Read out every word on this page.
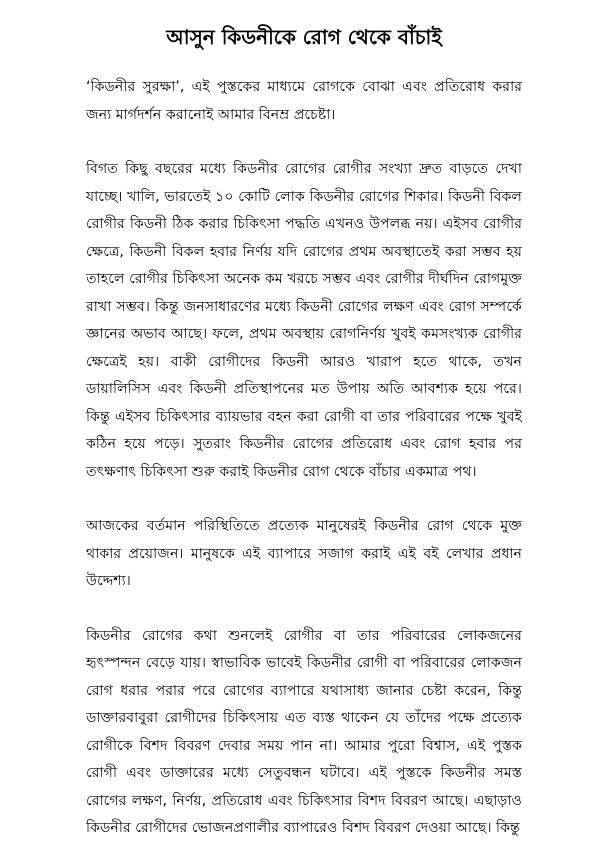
আসুন কিডনীকে রোগ থেকে বাঁচাই

‘কিডনীর সুরক্ষা’, এই পুস্তকের মাধ্যমে রোগকে বোঝা এবং প্রতিরোধ করার জন্য মার্গদর্শন করানোই আমার বিনম্র প্রচেষ্টা।

বিগত কিছু বছরের মধ্যে কিডনীর রোগের রোগীর সংখ্যা দ্রুত বাড়তে দেখা যাচ্ছে। খালি, ভারতেই ১০ কোটি লোক কিডনীর রোগের শিকার। কিডনী বিকল রোগীর কিডনী ঠিক করার চিকিৎসা পদ্ধতি এখনও উপলব্ধ নয়। এইসব রোগীর ক্ষেত্রে, কিডনী বিকল হবার নির্ণয় যদি রোগের প্রথম অবস্থাতেই করা সম্ভব হয় তাহলে রোগীর চিকিৎসা অনেক কম খরচে সম্ভব এবং রোগীর দীর্ঘদিন রোগমুক্ত রাখা সম্ভব। কিন্তু জনসাধারণের মধ্যে কিডনী রোগের লক্ষণ এবং রোগ সম্পর্কে জ্ঞানের অভাব আছে। ফলে, প্রথম অবস্থায় রোগনির্ণয় খুবই কমসংখ্যক রোগীর ক্ষেত্রেই হয়। বাকী রোগীদের কিডনী আরও খারাপ হতে থাকে, তখন ডায়ালিসিস এবং কিডনী প্রতিস্থাপনের মত উপায় অতি আবশ্যক হয়ে পরে। কিন্তু এইসব চিকিৎসার ব্যায়ভার বহন করা রোগী বা তার পরিবারের পক্ষে খুবই কঠিন হয়ে পড়ে। সুতরাং কিডনীর রোগের প্রতিরোধ এবং রোগ হবার পর তৎক্ষণাৎ চিকিৎসা শুরু করাই কিডনীর রোগ থেকে বাঁচার একমাত্র পথ।

আজকের বর্তমান পরিস্থিতিতে প্রত্যেক মানুষেরই কিডনীর রোগ থেকে মুক্ত থাকার প্রয়োজন। মানুষকে এই ব্যাপারে সজাগ করাই এই বই লেখার প্রধান উদ্দেশ্য।

কিডনীর রোগের কথা শুনলেই রোগীর বা তার পরিবারের লোকজনের হৃৎস্পন্দন বেড়ে যায়। স্বাভাবিক ভাবেই কিডনীর রোগী বা পরিবারের লোকজন রোগ ধরার পরার পরে রোগের ব্যাপারে যথাসাধ্য জানার চেষ্টা করেন, কিন্তু ডাক্তারবাবুরা রোগীদের চিকিৎসায় এত ব্যস্ত থাকেন যে তাঁদের পক্ষে প্রত্যেক রোগীকে বিশদ বিবরণ দেবার সময় পান না। আমার পুরো বিশ্বাস, এই পুস্তক রোগী এবং ডাক্তারের মধ্যে সেতুবন্ধন ঘটাবে। এই পুস্তকে কিডনীর সমস্ত রোগের লক্ষণ, নির্ণয়, প্রতিরোধ এবং চিকিৎসার বিশদ বিবরণ আছে। এছাড়াও কিডনীর রোগীদের ভোজনপ্রণালীর ব্যাপারেও বিশদ বিবরণ দেওয়া আছে। কিন্তু
